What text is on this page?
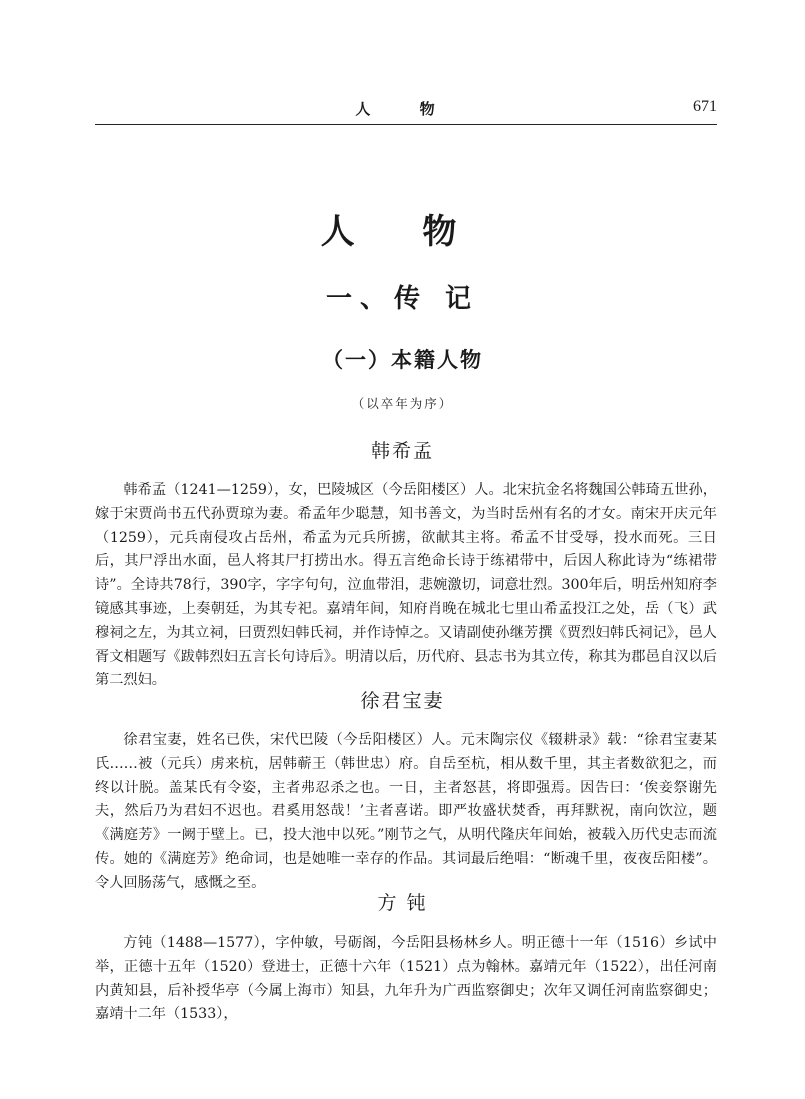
人 物	671
人 物
一、传 记
（一）本籍人物
（以卒年为序）
韩希孟

韩希孟（1241—1259），女，巴陵城区（今岳阳楼区）人。北宋抗金名将魏国公韩琦五世孙，嫁于宋贾尚书五代孙贾琼为妻。希孟年少聪慧，知书善文，为当时岳州有名的才女。南宋开庆元年（1259），元兵南侵攻占岳州，希孟为元兵所掳，欲献其主将。希孟不甘受辱，投水而死。三日后，其尸浮出水面，邑人将其尸打捞出水。得五言绝命长诗于练裙带中，后因人称此诗为“练裙带诗”。全诗共78行，390字，字字句句，泣血带泪，悲婉激切，词意壮烈。300年后，明岳州知府李镜感其事迹，上奏朝廷，为其专祀。嘉靖年间，知府肖晚在城北七里山希孟投江之处，岳（飞）武穆祠之左，为其立祠，曰贾烈妇韩氏祠，并作诗悼之。又请副使孙继芳撰《贾烈妇韩氏祠记》，邑人胥文相题写《跋韩烈妇五言长句诗后》。明清以后，历代府、县志书为其立传，称其为郡邑自汉以后第二烈妇。

徐君宝妻

徐君宝妻，姓名已佚，宋代巴陵（今岳阳楼区）人。元末陶宗仪《辍耕录》载：“徐君宝妻某氏……被（元兵）虏来杭，居韩蕲王（韩世忠）府。自岳至杭，相从数千里，其主者数欲犯之，而终以计脱。盖某氏有令姿，主者弗忍杀之也。一日，主者怒甚，将即强焉。因告曰：‘俟妾祭谢先夫，然后乃为君妇不迟也。君奚用怒哉！’主者喜诺。即严妆盛状焚香，再拜默祝，南向饮泣，题《满庭芳》一阙于壁上。已，投大池中以死。”刚节之气，从明代隆庆年间始，被载入历代史志而流传。她的《满庭芳》绝命词，也是她唯一幸存的作品。其词最后绝唱：“断魂千里，夜夜岳阳楼”。令人回肠荡气，感慨之至。

方 钝

方钝（1488—1577），字仲敏，号砺阁，今岳阳县杨林乡人。明正德十一年（1516）乡试中举，正德十五年（1520）登进士，正德十六年（1521）点为翰林。嘉靖元年（1522），出任河南内黄知县，后补授华亭（今属上海市）知县，九年升为广西监察御史；次年又调任河南监察御史；嘉靖十二年（1533），
